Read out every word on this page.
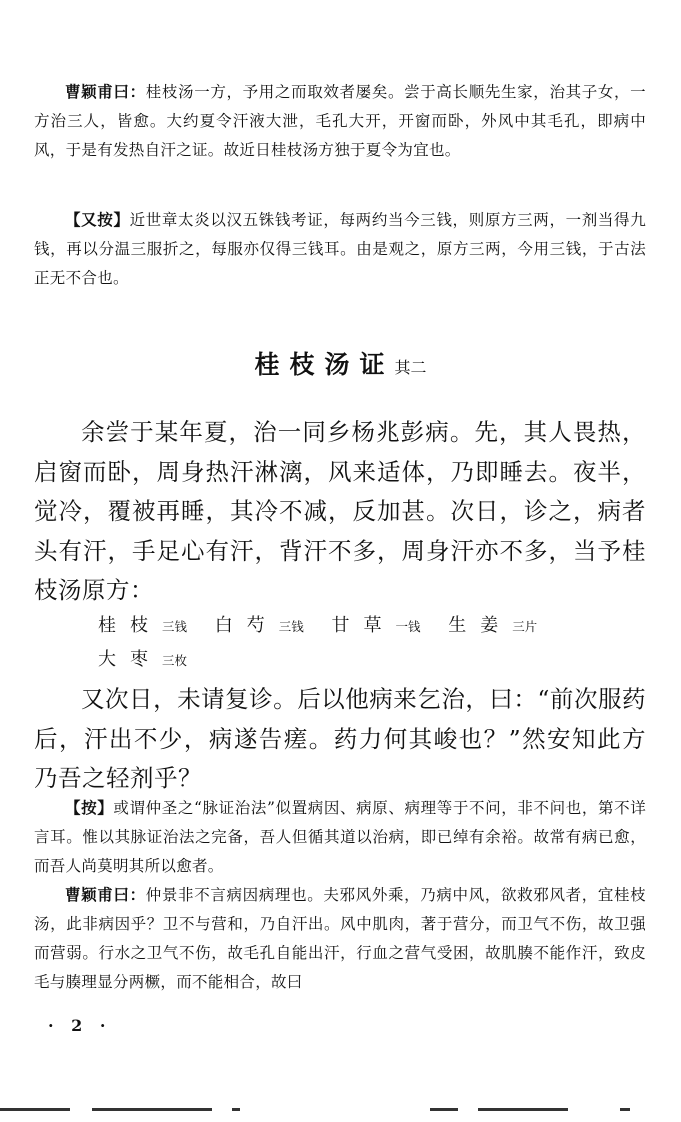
曹颖甫曰：桂枝汤一方，予用之而取效者屡矣。尝于高长顺先生家，治其子女，一方治三人，皆愈。大约夏令汗液大泄，毛孔大开，开窗而卧，外风中其毛孔，即病中风，于是有发热自汗之证。故近日桂枝汤方独于夏令为宜也。

【又按】近世章太炎以汉五铢钱考证，每两约当今三钱，则原方三两，一剂当得九钱，再以分温三服折之，每服亦仅得三钱耳。由是观之，原方三两，今用三钱，于古法正无不合也。

桂枝汤证其二

余尝于某年夏，治一同乡杨兆彭病。先，其人畏热，启窗而卧，周身热汗淋漓，风来适体，乃即睡去。夜半，觉冷，覆被再睡，其冷不减，反加甚。次日，诊之，病者头有汗，手足心有汗，背汗不多，周身汗亦不多，当予桂枝汤原方：

桂枝三钱 白芍三钱 甘草一钱 生姜三片
大枣三枚

又次日，未请复诊。后以他病来乞治，曰：“前次服药后，汗出不少，病遂告瘥。药力何其峻也？”然安知此方乃吾之轻剂乎？

【按】或谓仲圣之“脉证治法”似置病因、病原、病理等于不问，非不问也，第不详言耳。惟以其脉证治法之完备，吾人但循其道以治病，即已绰有余裕。故常有病已愈，而吾人尚莫明其所以愈者。

曹颖甫曰：仲景非不言病因病理也。夫邪风外乘，乃病中风，欲救邪风者，宜桂枝汤，此非病因乎？卫不与营和，乃自汗出。风中肌肉，著于营分，而卫气不伤，故卫强而营弱。行水之卫气不伤，故毛孔自能出汗，行血之营气受困，故肌腠不能作汗，致皮毛与腠理显分两橛，而不能相合，故曰

· 2 ·
